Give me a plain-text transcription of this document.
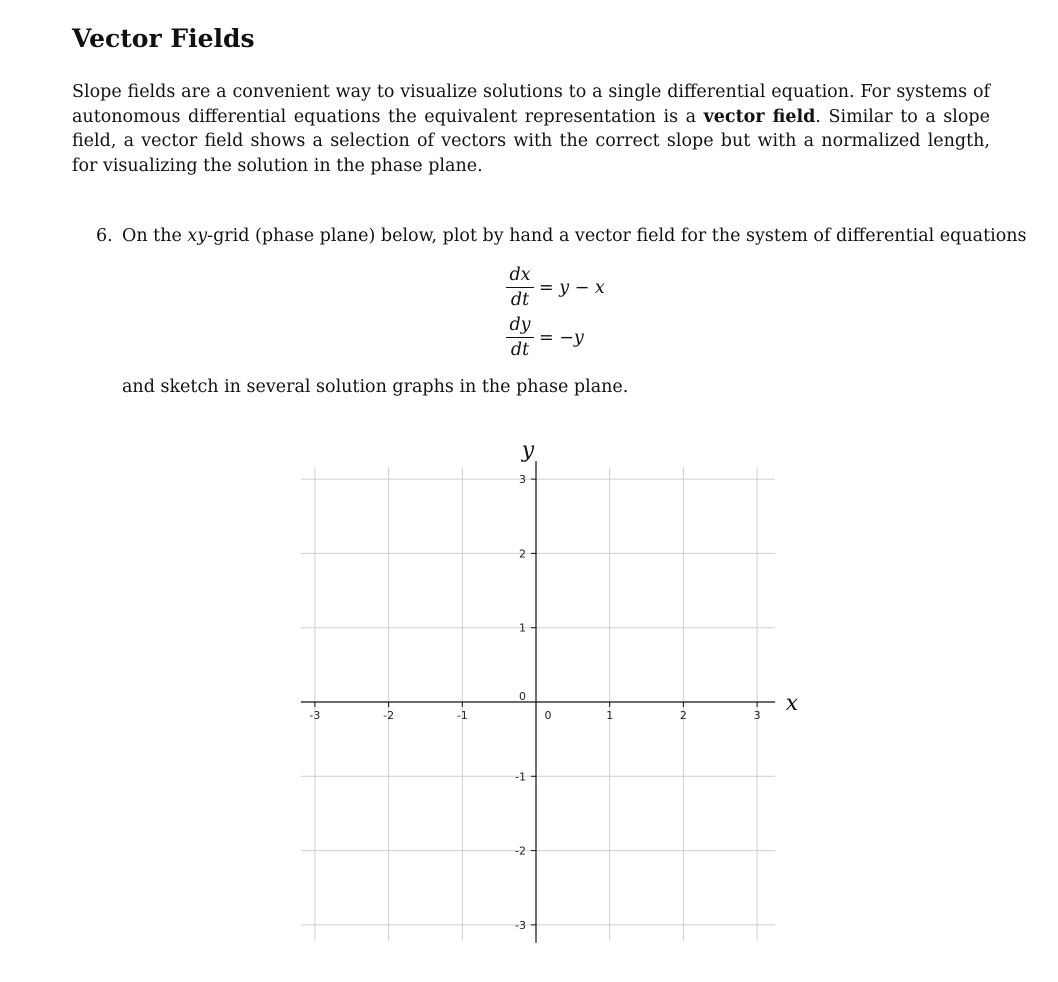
Vector Fields

Slope fields are a convenient way to visualize solutions to a single differential equation. For systems of autonomous differential equations the equivalent representation is a vector field. Similar to a slope field, a vector field shows a selection of vectors with the correct slope but with a normalized length, for visualizing the solution in the phase plane.

6. On the xy-grid (phase plane) below, plot by hand a vector field for the system of differential equations
dx
dt
= y − x
dy
dt
= −y
and sketch in several solution graphs in the phase plane.
-3	-2	-1	0	1	2	3
3
2
1
0
-1
-2
-3
y
x
